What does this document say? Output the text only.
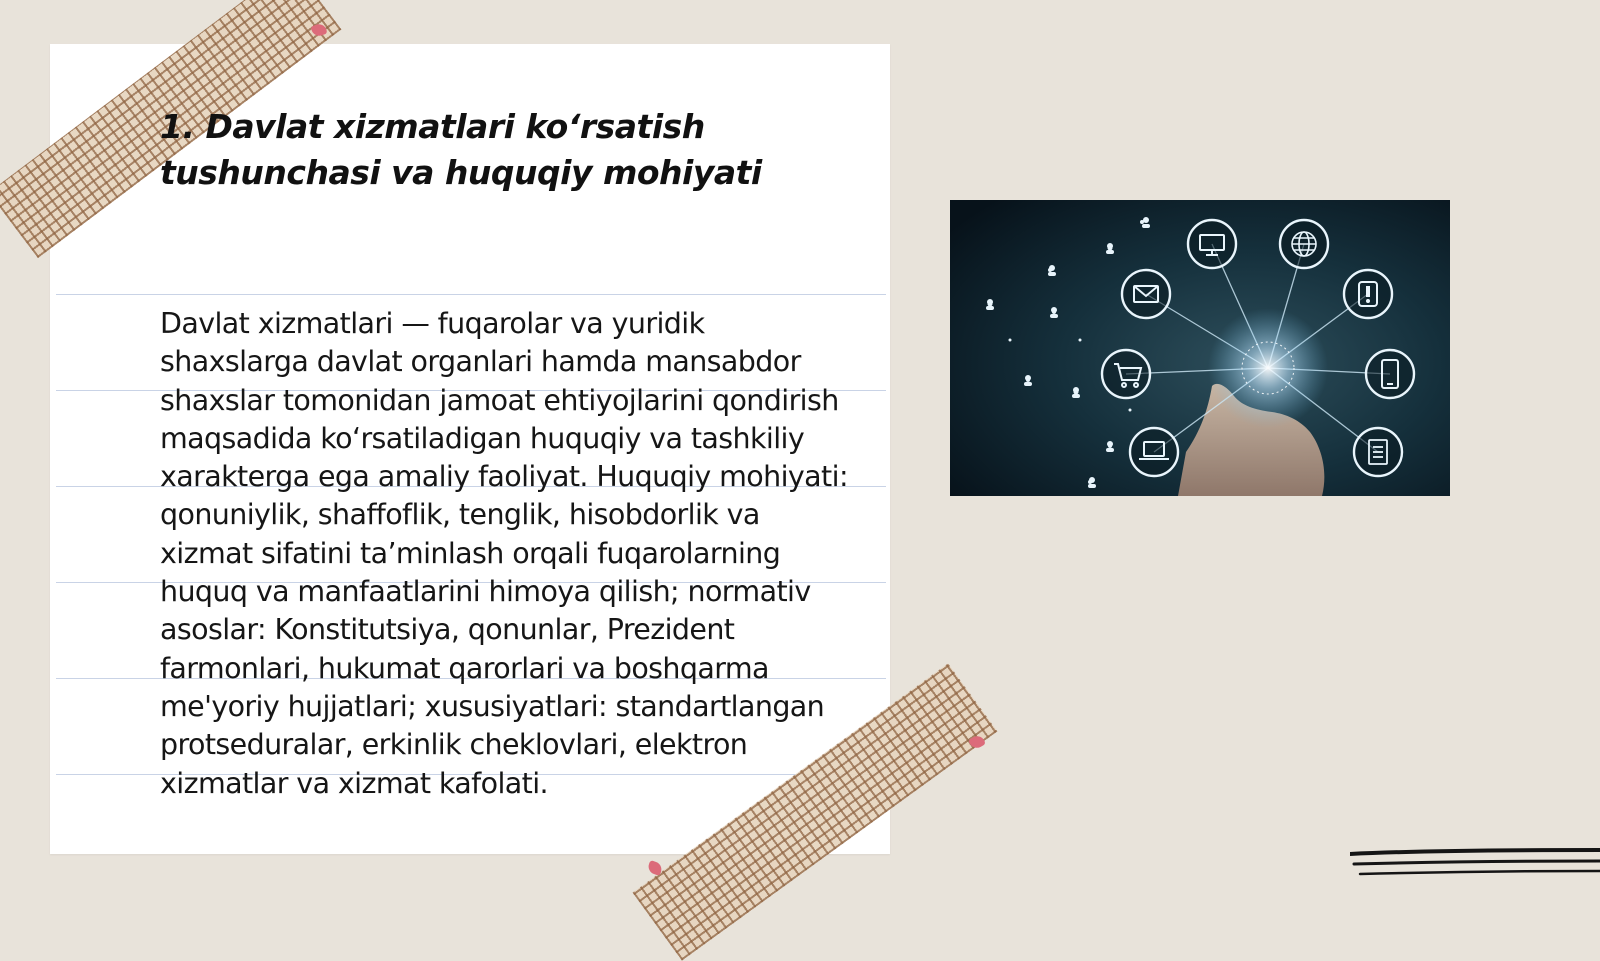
1. Davlat xizmatlari ko‘rsatish tushunchasi va huquqiy mohiyati

Davlat xizmatlari — fuqarolar va yuridik shaxslarga davlat organlari hamda mansabdor shaxslar tomonidan jamoat ehtiyojlarini qondirish maqsadida ko‘rsatiladigan huquqiy va tashkiliy xarakterga ega amaliy faoliyat. Huquqiy mohiyati: qonuniylik, shaffoflik, tenglik, hisobdorlik va xizmat sifatini ta’minlash orqali fuqarolarning huquq va manfaatlarini himoya qilish; normativ asoslar: Konstitutsiya, qonunlar, Prezident farmonlari, hukumat qarorlari va boshqarma me'yoriy hujjatlari; xususiyatlari: standartlangan protseduralar, erkinlik cheklovlari, elektron xizmatlar va xizmat kafolati.
